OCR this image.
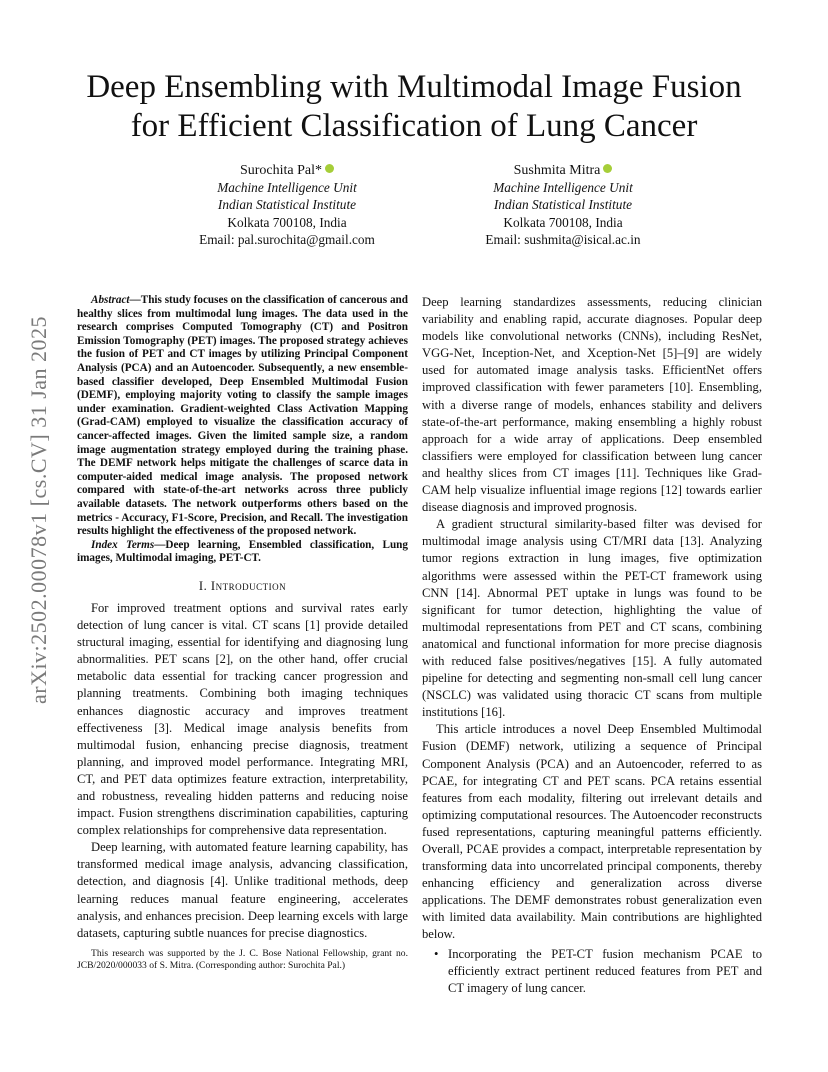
arXiv:2502.00078v1 [cs.CV] 31 Jan 2025
Deep Ensembling with Multimodal Image Fusion
for Efficient Classification of Lung Cancer
Surochita Pal*
Machine Intelligence Unit
Indian Statistical Institute
Kolkata 700108, India
Email: pal.surochita@gmail.com
Sushmita Mitra
Machine Intelligence Unit
Indian Statistical Institute
Kolkata 700108, India
Email: sushmita@isical.ac.in

Abstract—This study focuses on the classification of cancerous and healthy slices from multimodal lung images. The data used in the research comprises Computed Tomography (CT) and Positron Emission Tomography (PET) images. The proposed strategy achieves the fusion of PET and CT images by utilizing Principal Component Analysis (PCA) and an Autoencoder. Subsequently, a new ensemble-based classifier developed, Deep Ensembled Multimodal Fusion (DEMF), employing majority voting to classify the sample images under examination. Gradient-weighted Class Activation Mapping (Grad-CAM) employed to visualize the classification accuracy of cancer-affected images. Given the limited sample size, a random image augmentation strategy employed during the training phase. The DEMF network helps mitigate the challenges of scarce data in computer-aided medical image analysis. The proposed network compared with state-of-the-art networks across three publicly available datasets. The network outperforms others based on the metrics - Accuracy, F1-Score, Precision, and Recall. The investigation results highlight the effectiveness of the proposed network.

Index Terms—Deep learning, Ensembled classification, Lung images, Multimodal imaging, PET-CT.

I. Introduction

For improved treatment options and survival rates early detection of lung cancer is vital. CT scans [1] provide detailed structural imaging, essential for identifying and diagnosing lung abnormalities. PET scans [2], on the other hand, offer crucial metabolic data essential for tracking cancer progression and planning treatments. Combining both imaging techniques enhances diagnostic accuracy and improves treatment effectiveness [3]. Medical image analysis benefits from multimodal fusion, enhancing precise diagnosis, treatment planning, and improved model performance. Integrating MRI, CT, and PET data optimizes feature extraction, interpretability, and robustness, revealing hidden patterns and reducing noise impact. Fusion strengthens discrimination capabilities, capturing complex relationships for comprehensive data representation.

Deep learning, with automated feature learning capability, has transformed medical image analysis, advancing classification, detection, and diagnosis [4]. Unlike traditional methods, deep learning reduces manual feature engineering, accelerates analysis, and enhances precision. Deep learning excels with large datasets, capturing subtle nuances for precise diagnostics.

This research was supported by the J. C. Bose National Fellowship, grant no. JCB/2020/000033 of S. Mitra. (Corresponding author: Surochita Pal.)

Deep learning standardizes assessments, reducing clinician variability and enabling rapid, accurate diagnoses. Popular deep models like convolutional networks (CNNs), including ResNet, VGG-Net, Inception-Net, and Xception-Net [5]–[9] are widely used for automated image analysis tasks. EfficientNet offers improved classification with fewer parameters [10]. Ensembling, with a diverse range of models, enhances stability and delivers state-of-the-art performance, making ensembling a highly robust approach for a wide array of applications. Deep ensembled classifiers were employed for classification between lung cancer and healthy slices from CT images [11]. Techniques like Grad-CAM help visualize influential image regions [12] towards earlier disease diagnosis and improved prognosis.

A gradient structural similarity-based filter was devised for multimodal image analysis using CT/MRI data [13]. Analyzing tumor regions extraction in lung images, five optimization algorithms were assessed within the PET-CT framework using CNN [14]. Abnormal PET uptake in lungs was found to be significant for tumor detection, highlighting the value of multimodal representations from PET and CT scans, combining anatomical and functional information for more precise diagnosis with reduced false positives/negatives [15]. A fully automated pipeline for detecting and segmenting non-small cell lung cancer (NSCLC) was validated using thoracic CT scans from multiple institutions [16].

This article introduces a novel Deep Ensembled Multimodal Fusion (DEMF) network, utilizing a sequence of Principal Component Analysis (PCA) and an Autoencoder, referred to as PCAE, for integrating CT and PET scans. PCA retains essential features from each modality, filtering out irrelevant details and optimizing computational resources. The Autoencoder reconstructs fused representations, capturing meaningful patterns efficiently. Overall, PCAE provides a compact, interpretable representation by transforming data into uncorrelated principal components, thereby enhancing efficiency and generalization across diverse applications. The DEMF demonstrates robust generalization even with limited data availability. Main contributions are highlighted below.

• Incorporating the PET-CT fusion mechanism PCAE to efficiently extract pertinent reduced features from PET and CT imagery of lung cancer.
